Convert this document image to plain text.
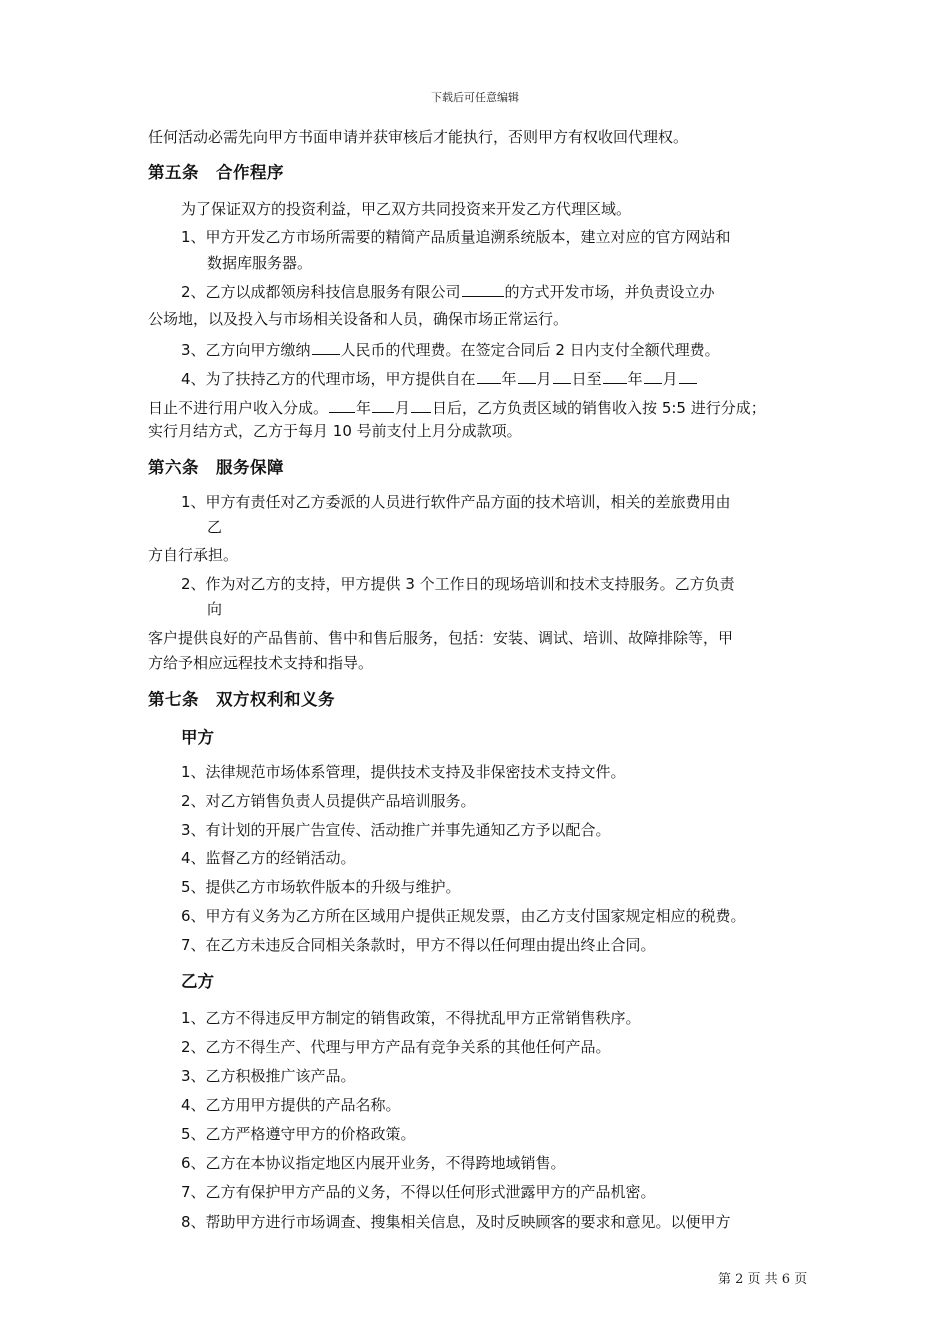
下载后可任意编辑
任何活动必需先向甲方书面申请并获审核后才能执行，否则甲方有权收回代理权。
第五条　合作程序
为了保证双方的投资利益，甲乙双方共同投资来开发乙方代理区域。
1、甲方开发乙方市场所需要的精简产品质量追溯系统版本，建立对应的官方网站和
数据库服务器。
2、乙方以成都领房科技信息服务有限公司	的方式开发市场，并负责设立办
公场地，以及投入与市场相关设备和人员，确保市场正常运行。
3、乙方向甲方缴纳 人民币的代理费。在签定合同后 2 日内支付全额代理费。
4、为了扶持乙方的代理市场，甲方提供自在 年 月 日至 年 月
日止不进行用户收入分成。 年 月 日后，乙方负责区域的销售收入按 5:5 进行分成；
实行月结方式，乙方于每月 10 号前支付上月分成款项。
第六条　服务保障
1、甲方有责任对乙方委派的人员进行软件产品方面的技术培训，相关的差旅费用由
乙
方自行承担。
2、作为对乙方的支持，甲方提供 3 个工作日的现场培训和技术支持服务。乙方负责
向
客户提供良好的产品售前、售中和售后服务，包括：安装、调试、培训、故障排除等，甲
方给予相应远程技术支持和指导。
第七条　双方权利和义务
甲方
1、法律规范市场体系管理，提供技术支持及非保密技术支持文件。
2、对乙方销售负责人员提供产品培训服务。
3、有计划的开展广告宣传、活动推广并事先通知乙方予以配合。
4、监督乙方的经销活动。
5、提供乙方市场软件版本的升级与维护。
6、甲方有义务为乙方所在区域用户提供正规发票，由乙方支付国家规定相应的税费。
7、在乙方未违反合同相关条款时，甲方不得以任何理由提出终止合同。
乙方
1、乙方不得违反甲方制定的销售政策，不得扰乱甲方正常销售秩序。
2、乙方不得生产、代理与甲方产品有竞争关系的其他任何产品。
3、乙方积极推广该产品。
4、乙方用甲方提供的产品名称。
5、乙方严格遵守甲方的价格政策。
6、乙方在本协议指定地区内展开业务，不得跨地域销售。
7、乙方有保护甲方产品的义务，不得以任何形式泄露甲方的产品机密。
8、帮助甲方进行市场调查、搜集相关信息，及时反映顾客的要求和意见。以便甲方
第 2 页 共 6 页
